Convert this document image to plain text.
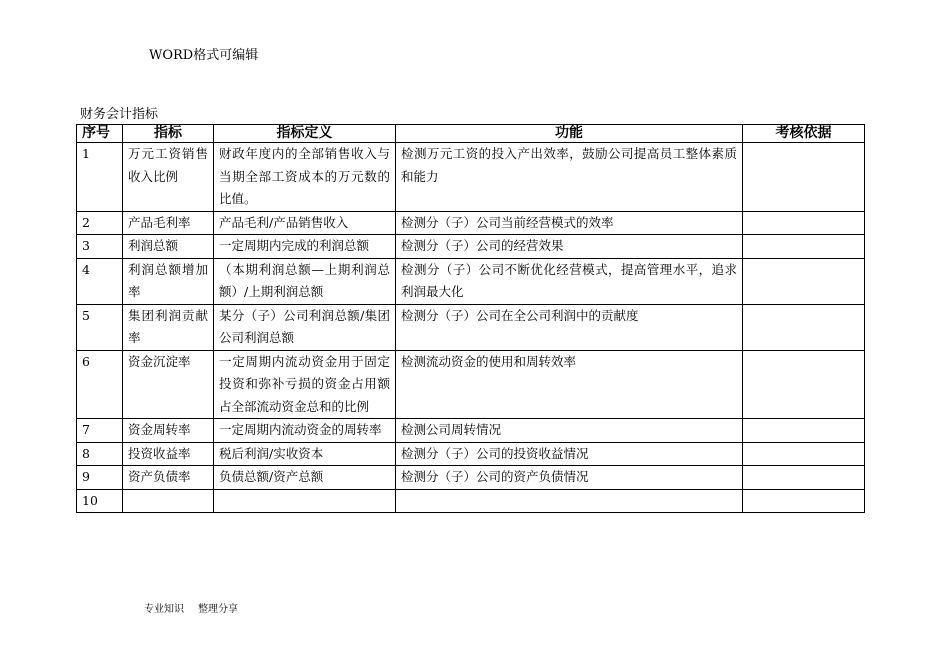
WORD格式可编辑
财务会计指标
序号	指标	指标定义	功能	考核依据
1	万元工资销售收入比例	财政年度内的全部销售收入与当期全部工资成本的万元数的比值。	检测万元工资的投入产出效率，鼓励公司提高员工整体素质和能力	
2	产品毛利率	产品毛利/产品销售收入	检测分（子）公司当前经营模式的效率	
3	利润总额	一定周期内完成的利润总额	检测分（子）公司的经营效果	
4	利润总额增加率	（本期利润总额—上期利润总额）/上期利润总额	检测分（子）公司不断优化经营模式，提高管理水平，追求利润最大化	
5	集团利润贡献率	某分（子）公司利润总额/集团公司利润总额	检测分（子）公司在全公司利润中的贡献度	
6	资金沉淀率	一定周期内流动资金用于固定投资和弥补亏损的资金占用额占全部流动资金总和的比例	检测流动资金的使用和周转效率	
7	资金周转率	一定周期内流动资金的周转率	检测公司周转情况	
8	投资收益率	税后利润/实收资本	检测分（子）公司的投资收益情况	
9	资产负债率	负债总额/资产总额	检测分（子）公司的资产负债情况	
10				
专业知识 整理分享
